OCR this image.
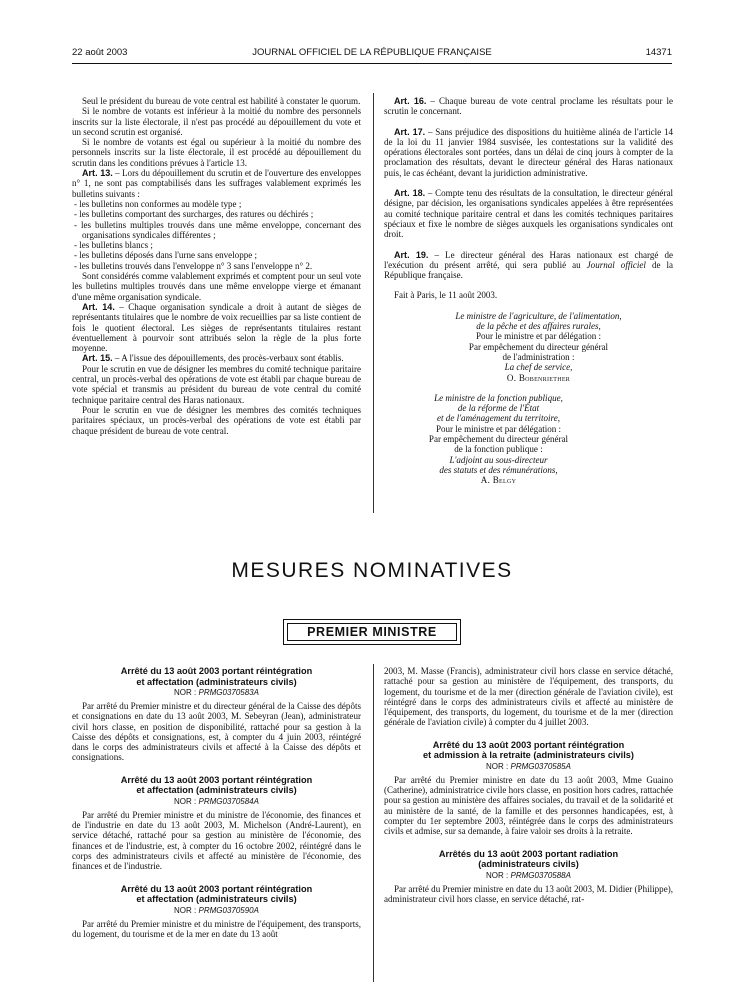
22 août 2003	JOURNAL OFFICIEL DE LA RÉPUBLIQUE FRANÇAISE	14371

Seul le président du bureau de vote central est habilité à constater le quorum.

Si le nombre de votants est inférieur à la moitié du nombre des personnels inscrits sur la liste électorale, il n'est pas procédé au dépouillement du vote et un second scrutin est organisé.

Si le nombre de votants est égal ou supérieur à la moitié du nombre des personnels inscrits sur la liste électorale, il est procédé au dépouillement du scrutin dans les conditions prévues à l'article 13.

Art. 13. – Lors du dépouillement du scrutin et de l'ouverture des enveloppes n° 1, ne sont pas comptabilisés dans les suffrages valablement exprimés les bulletins suivants :

- les bulletins non conformes au modèle type ;
- les bulletins comportant des surcharges, des ratures ou déchirés ;
- les bulletins multiples trouvés dans une même enveloppe, concernant des organisations syndicales différentes ;
- les bulletins blancs ;
- les bulletins déposés dans l'urne sans enveloppe ;
- les bulletins trouvés dans l'enveloppe n° 3 sans l'enveloppe n° 2.

Sont considérés comme valablement exprimés et comptent pour un seul vote les bulletins multiples trouvés dans une même enveloppe vierge et émanant d'une même organisation syndicale.

Art. 14. – Chaque organisation syndicale a droit à autant de sièges de représentants titulaires que le nombre de voix recueillies par sa liste contient de fois le quotient électoral. Les sièges de représentants titulaires restant éventuellement à pourvoir sont attribués selon la règle de la plus forte moyenne.

Art. 15. – A l'issue des dépouillements, des procès-verbaux sont établis.

Pour le scrutin en vue de désigner les membres du comité technique paritaire central, un procès-verbal des opérations de vote est établi par chaque bureau de vote spécial et transmis au président du bureau de vote central du comité technique paritaire central des Haras nationaux.

Pour le scrutin en vue de désigner les membres des comités techniques paritaires spéciaux, un procès-verbal des opérations de vote est établi par chaque président de bureau de vote central.

Art. 16. – Chaque bureau de vote central proclame les résultats pour le scrutin le concernant.

Art. 17. – Sans préjudice des dispositions du huitième alinéa de l'article 14 de la loi du 11 janvier 1984 susvisée, les contestations sur la validité des opérations électorales sont portées, dans un délai de cinq jours à compter de la proclamation des résultats, devant le directeur général des Haras nationaux puis, le cas échéant, devant la juridiction administrative.

Art. 18. – Compte tenu des résultats de la consultation, le directeur général désigne, par décision, les organisations syndicales appelées à être représentées au comité technique paritaire central et dans les comités techniques paritaires spéciaux et fixe le nombre de sièges auxquels les organisations syndicales ont droit.

Art. 19. – Le directeur général des Haras nationaux est chargé de l'exécution du présent arrêté, qui sera publié au Journal officiel de la République française.

Fait à Paris, le 11 août 2003.

Le ministre de l'agriculture, de l'alimentation,
de la pêche et des affaires rurales,
Pour le ministre et par délégation :
Par empêchement du directeur général
de l'administration :
La chef de service,
O. Bobenriether
Le ministre de la fonction publique,
de la réforme de l'État
et de l'aménagement du territoire,
Pour le ministre et par délégation :
Par empêchement du directeur général
de la fonction publique :
L'adjoint au sous-directeur
des statuts et des rémunérations,
A. Belgy
MESURES NOMINATIVES
PREMIER MINISTRE
Arrêté du 13 août 2003 portant réintégration
et affectation (administrateurs civils)
NOR : PRMG0370583A

Par arrêté du Premier ministre et du directeur général de la Caisse des dépôts et consignations en date du 13 août 2003, M. Sebeyran (Jean), administrateur civil hors classe, en position de disponibilité, rattaché pour sa gestion à la Caisse des dépôts et consignations, est, à compter du 4 juin 2003, réintégré dans le corps des administrateurs civils et affecté à la Caisse des dépôts et consignations.

Arrêté du 13 août 2003 portant réintégration
et affectation (administrateurs civils)
NOR : PRMG0370584A

Par arrêté du Premier ministre et du ministre de l'économie, des finances et de l'industrie en date du 13 août 2003, M. Michelson (André-Laurent), en service détaché, rattaché pour sa gestion au ministère de l'économie, des finances et de l'industrie, est, à compter du 16 octobre 2002, réintégré dans le corps des administrateurs civils et affecté au ministère de l'économie, des finances et de l'industrie.

Arrêté du 13 août 2003 portant réintégration
et affectation (administrateurs civils)
NOR : PRMG0370590A

Par arrêté du Premier ministre et du ministre de l'équipement, des transports, du logement, du tourisme et de la mer en date du 13 août

2003, M. Masse (Francis), administrateur civil hors classe en service détaché, rattaché pour sa gestion au ministère de l'équipement, des transports, du logement, du tourisme et de la mer (direction générale de l'aviation civile), est réintégré dans le corps des administrateurs civils et affecté au ministère de l'équipement, des transports, du logement, du tourisme et de la mer (direction générale de l'aviation civile) à compter du 4 juillet 2003.

Arrêté du 13 août 2003 portant réintégration
et admission à la retraite (administrateurs civils)
NOR : PRMG0370585A

Par arrêté du Premier ministre en date du 13 août 2003, Mme Guaino (Catherine), administratrice civile hors classe, en position hors cadres, rattachée pour sa gestion au ministère des affaires sociales, du travail et de la solidarité et au ministère de la santé, de la famille et des personnes handicapées, est, à compter du 1er septembre 2003, réintégrée dans le corps des administrateurs civils et admise, sur sa demande, à faire valoir ses droits à la retraite.

Arrêtés du 13 août 2003 portant radiation
(administrateurs civils)
NOR : PRMG0370588A

Par arrêté du Premier ministre en date du 13 août 2003, M. Didier (Philippe), administrateur civil hors classe, en service détaché, rat-
